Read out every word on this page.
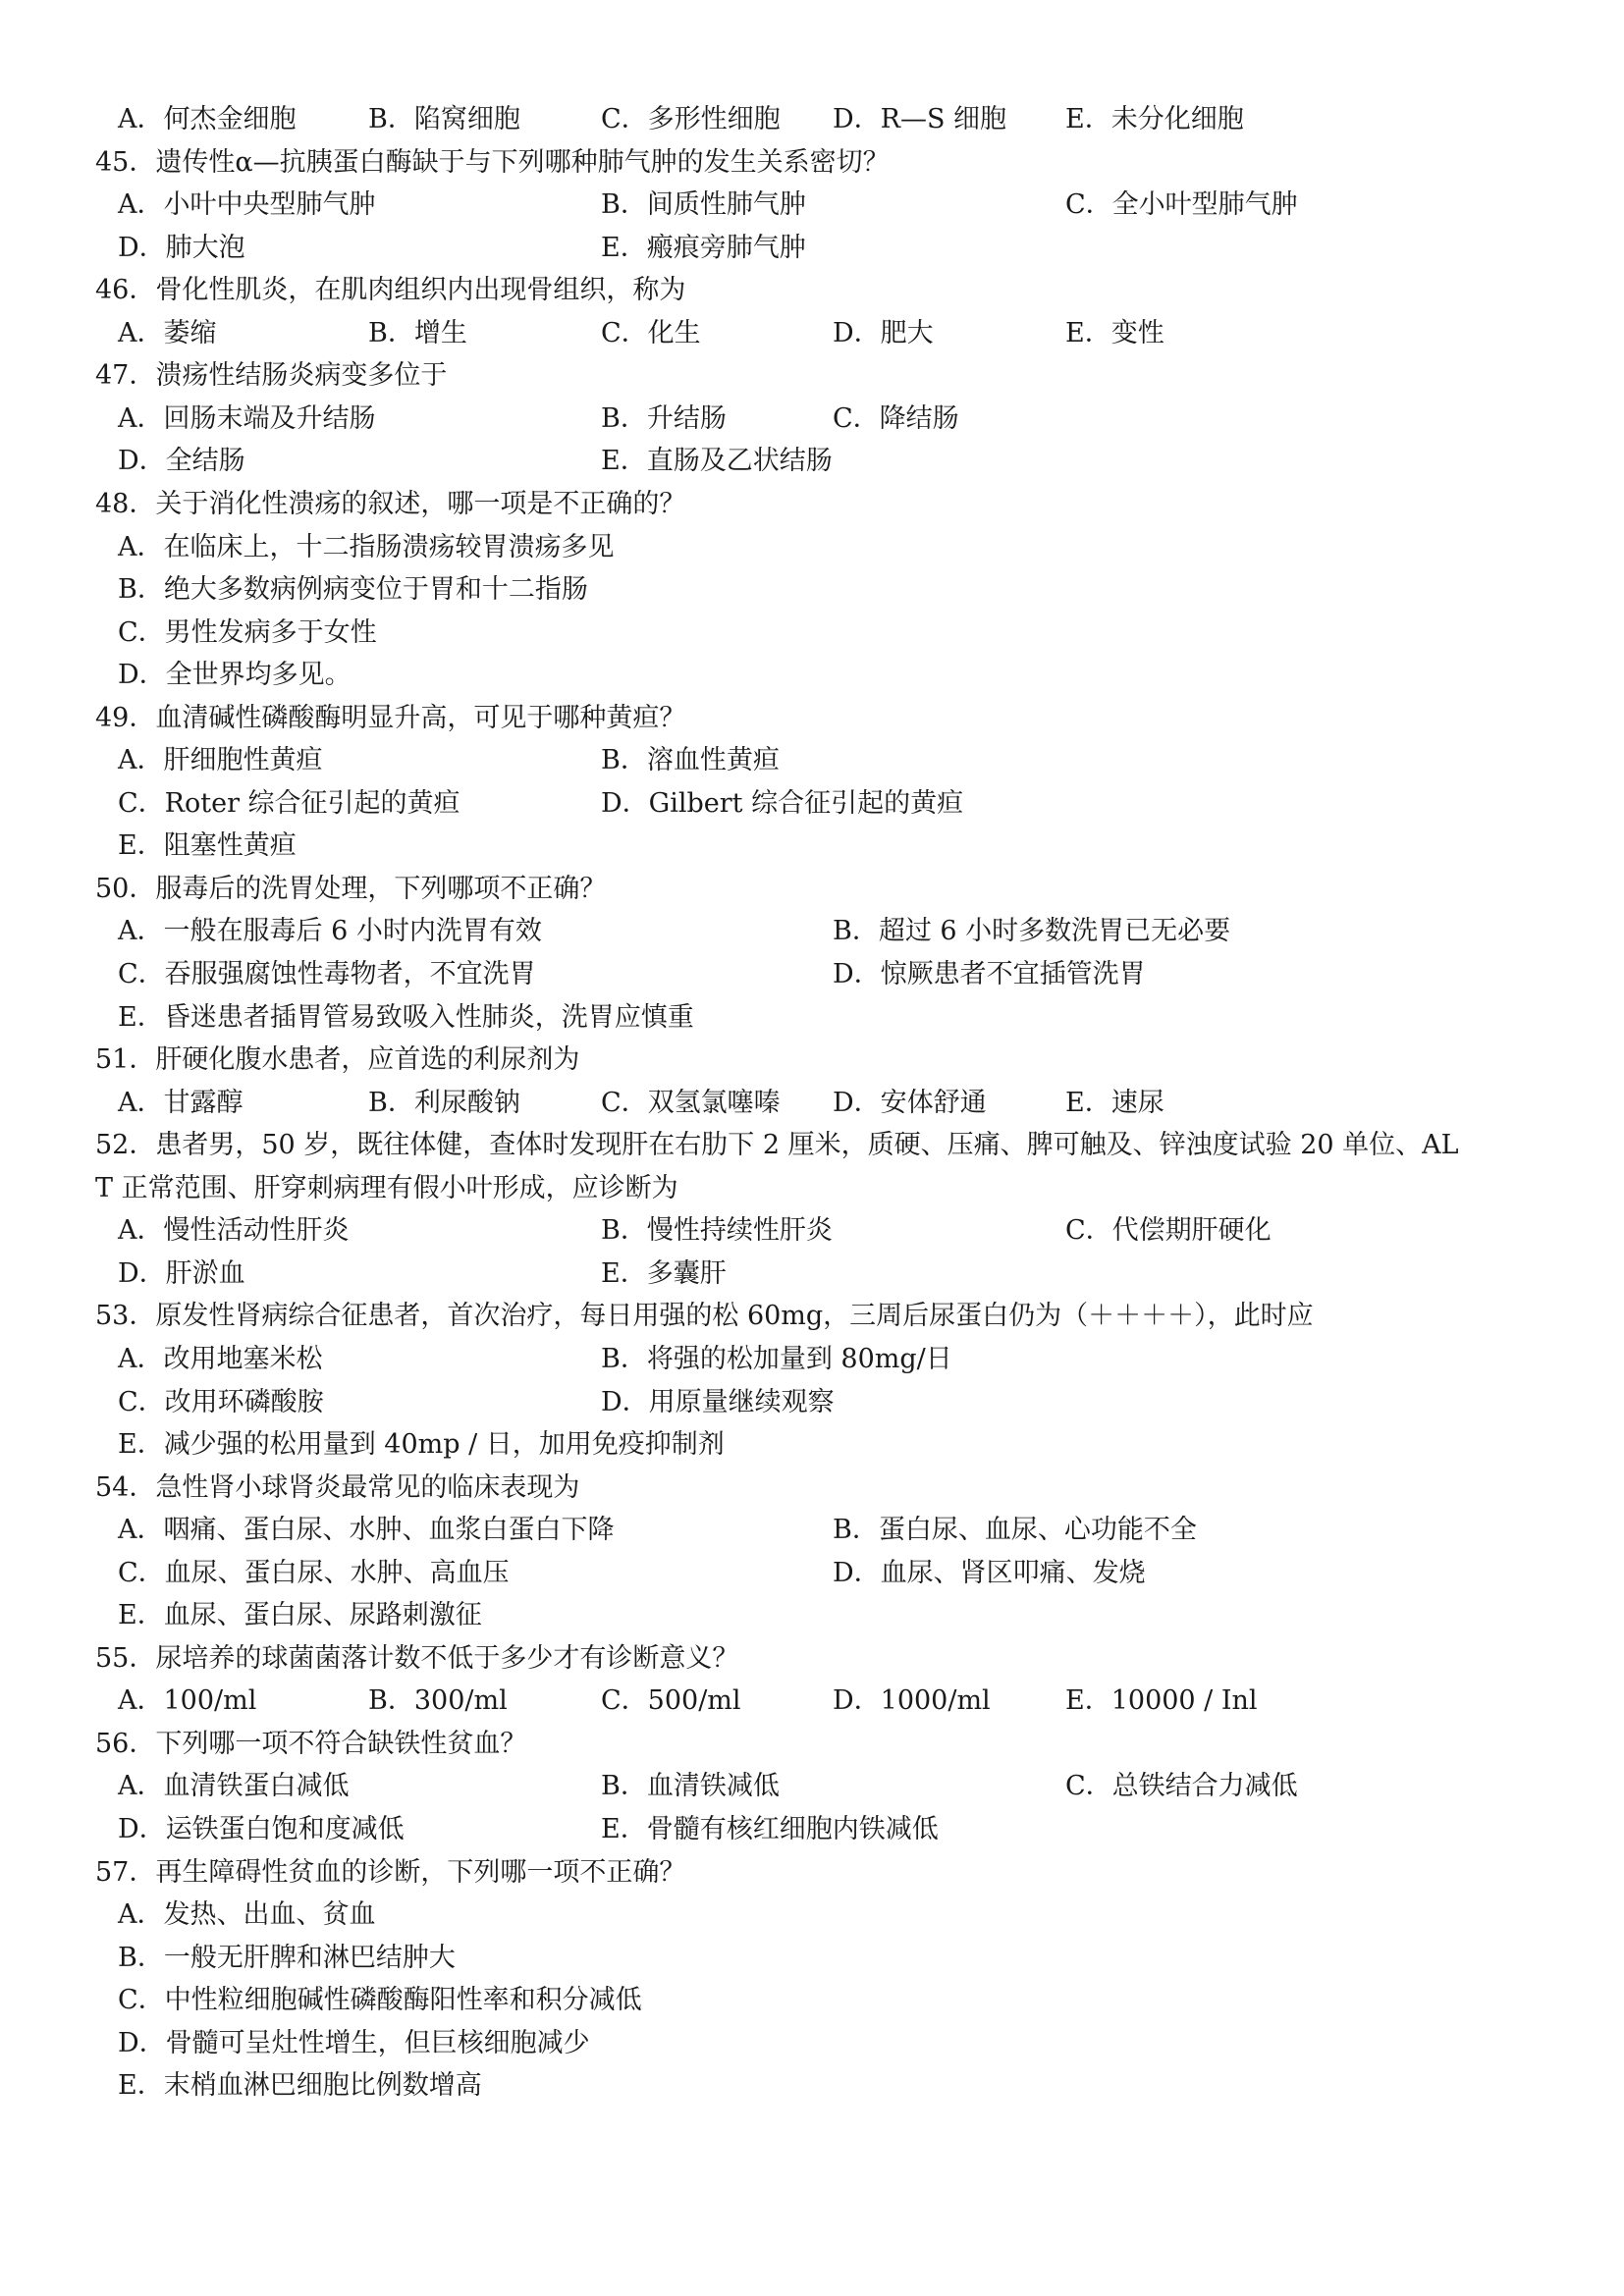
A．何杰金细胞	B．陷窝细胞	C．多形性细胞 D．R—S 细胞 E．未分化细胞
45．遗传性α—抗胰蛋白酶缺于与下列哪种肺气肿的发生关系密切？
A．小叶中央型肺气肿	B．间质性肺气肿	C．全小叶型肺气肿
D．肺大泡	E．瘢痕旁肺气肿
46．骨化性肌炎，在肌肉组织内出现骨组织，称为
A．萎缩	B．增生	C．化生	D．肥大	E．变性
47．溃疡性结肠炎病变多位于
A．回肠末端及升结肠	B．升结肠	C．降结肠
D．全结肠	E．直肠及乙状结肠
48．关于消化性溃疡的叙述，哪一项是不正确的？
A．在临床上，十二指肠溃疡较胃溃疡多见
B．绝大多数病例病变位于胃和十二指肠
C．男性发病多于女性
D．全世界均多见。
49．血清碱性磷酸酶明显升高，可见于哪种黄疸？
A．肝细胞性黄疸	B．溶血性黄疸
C．Roter 综合征引起的黄疸	D．Gilbert 综合征引起的黄疸
E．阻塞性黄疸
50．服毒后的洗胃处理，下列哪项不正确？
A．一般在服毒后 6 小时内洗胃有效	B．超过 6 小时多数洗胃已无必要
C．吞服强腐蚀性毒物者，不宜洗胃	D．惊厥患者不宜插管洗胃
E．昏迷患者插胃管易致吸入性肺炎，洗胃应慎重
51．肝硬化腹水患者，应首选的利尿剂为
A．甘露醇	B．利尿酸钠	C．双氢氯噻嗪 D．安体舒通	E．速尿
52．患者男，50 岁，既往体健，查体时发现肝在右肋下 2 厘米，质硬、压痛、脾可触及、锌浊度试验 20 单位、AL
T 正常范围、肝穿刺病理有假小叶形成，应诊断为
A．慢性活动性肝炎	B．慢性持续性肝炎	C．代偿期肝硬化
D．肝淤血	E．多囊肝
53．原发性肾病综合征患者，首次治疗，每日用强的松 60mg，三周后尿蛋白仍为（＋＋＋＋），此时应
A．改用地塞米松	B．将强的松加量到 80mg/日
C．改用环磷酸胺	D．用原量继续观察
E．减少强的松用量到 40mp / 日，加用免疫抑制剂
54．急性肾小球肾炎最常见的临床表现为
A．咽痛、蛋白尿、水肿、血浆白蛋白下降	B．蛋白尿、血尿、心功能不全
C．血尿、蛋白尿、水肿、高血压	D．血尿、肾区叩痛、发烧
E．血尿、蛋白尿、尿路刺激征
55．尿培养的球菌菌落计数不低于多少才有诊断意义？
A．100/ml	B．300/ml	C．500/ml	D．1000/ml	E．10000 / Inl
56．下列哪一项不符合缺铁性贫血？
A．血清铁蛋白减低	B．血清铁减低	C．总铁结合力减低
D．运铁蛋白饱和度减低	E．骨髓有核红细胞内铁减低
57．再生障碍性贫血的诊断，下列哪一项不正确？
A．发热、出血、贫血
B．一般无肝脾和淋巴结肿大
C．中性粒细胞碱性磷酸酶阳性率和积分减低
D．骨髓可呈灶性增生，但巨核细胞减少
E．末梢血淋巴细胞比例数增高
